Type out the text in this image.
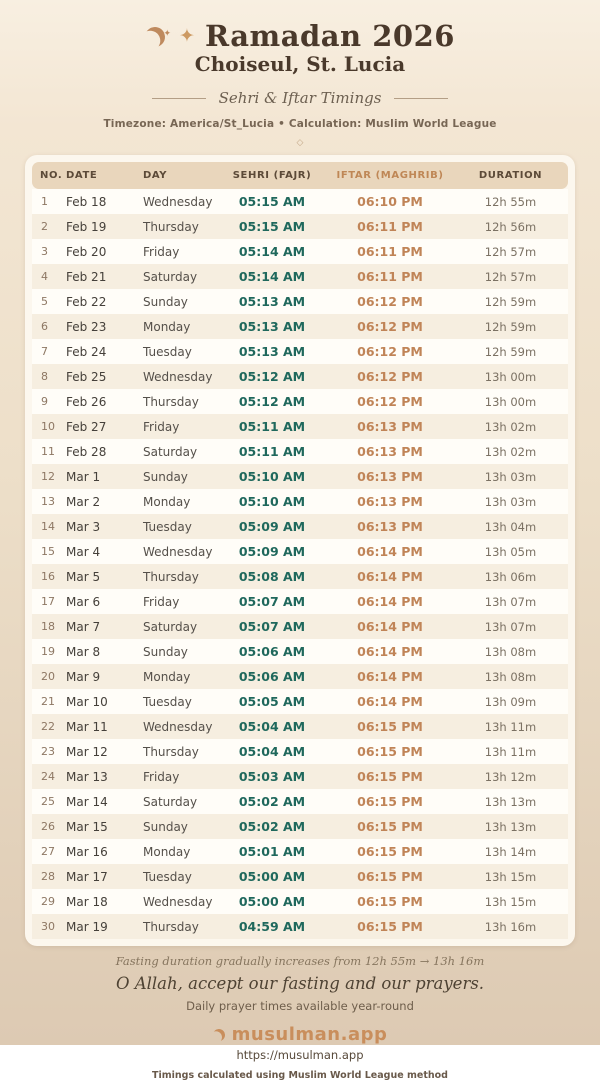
✦ ✦ Ramadan 2026
Choiseul, St. Lucia
Sehri & Iftar Timings
Timezone: America/St_Lucia • Calculation: Muslim World League
◇
NO.	DATE	DAY	SEHRI (FAJR)	IFTAR (MAGHRIB)	DURATION
1	Feb 18	Wednesday	05:15 AM	06:10 PM	12h 55m
2	Feb 19	Thursday	05:15 AM	06:11 PM	12h 56m
3	Feb 20	Friday	05:14 AM	06:11 PM	12h 57m
4	Feb 21	Saturday	05:14 AM	06:11 PM	12h 57m
5	Feb 22	Sunday	05:13 AM	06:12 PM	12h 59m
6	Feb 23	Monday	05:13 AM	06:12 PM	12h 59m
7	Feb 24	Tuesday	05:13 AM	06:12 PM	12h 59m
8	Feb 25	Wednesday	05:12 AM	06:12 PM	13h 00m
9	Feb 26	Thursday	05:12 AM	06:12 PM	13h 00m
10	Feb 27	Friday	05:11 AM	06:13 PM	13h 02m
11	Feb 28	Saturday	05:11 AM	06:13 PM	13h 02m
12	Mar 1	Sunday	05:10 AM	06:13 PM	13h 03m
13	Mar 2	Monday	05:10 AM	06:13 PM	13h 03m
14	Mar 3	Tuesday	05:09 AM	06:13 PM	13h 04m
15	Mar 4	Wednesday	05:09 AM	06:14 PM	13h 05m
16	Mar 5	Thursday	05:08 AM	06:14 PM	13h 06m
17	Mar 6	Friday	05:07 AM	06:14 PM	13h 07m
18	Mar 7	Saturday	05:07 AM	06:14 PM	13h 07m
19	Mar 8	Sunday	05:06 AM	06:14 PM	13h 08m
20	Mar 9	Monday	05:06 AM	06:14 PM	13h 08m
21	Mar 10	Tuesday	05:05 AM	06:14 PM	13h 09m
22	Mar 11	Wednesday	05:04 AM	06:15 PM	13h 11m
23	Mar 12	Thursday	05:04 AM	06:15 PM	13h 11m
24	Mar 13	Friday	05:03 AM	06:15 PM	13h 12m
25	Mar 14	Saturday	05:02 AM	06:15 PM	13h 13m
26	Mar 15	Sunday	05:02 AM	06:15 PM	13h 13m
27	Mar 16	Monday	05:01 AM	06:15 PM	13h 14m
28	Mar 17	Tuesday	05:00 AM	06:15 PM	13h 15m
29	Mar 18	Wednesday	05:00 AM	06:15 PM	13h 15m
30	Mar 19	Thursday	04:59 AM	06:15 PM	13h 16m
Fasting duration gradually increases from 12h 55m → 13h 16m
O Allah, accept our fasting and our prayers.
Daily prayer times available year-round
musulman.app
https://musulman.app
Timings calculated using Muslim World League method
